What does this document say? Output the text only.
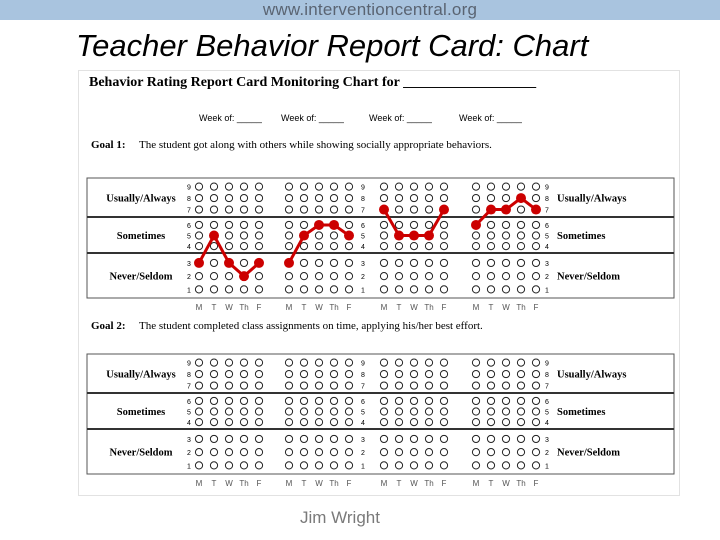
www.interventioncentral.org
Teacher Behavior Report Card: Chart
Behavior Rating Report Card Monitoring Chart for ___________________
Week of: _____ Week of: _____	Week of: _____	Week of: _____
Goal 1: The student got along with others while showing socially appropriate behaviors.
Usually/Always	Usually/Always
Sometimes	Sometimes
Never/Seldom	Never/Seldom
9	9
9
8	8
8
7	7
7
6	6
6
5	5
5
4	4
4
3	3
3
2	2
2
1	1
1
M T W Th F	M T W Th F	M T W Th F	M T W Th F
Goal 2: The student completed class assignments on time, applying his/her best effort.
Usually/Always	Usually/Always
Sometimes	Sometimes
Never/Seldom	Never/Seldom
9	9
9
8	8
8
7	7
7
6	6
6
5	5
5
4	4
4
3	3
3
2	2
2
1	1
1
M T W Th F	M T W Th F	M T W Th F	M T W Th F
Jim Wright
